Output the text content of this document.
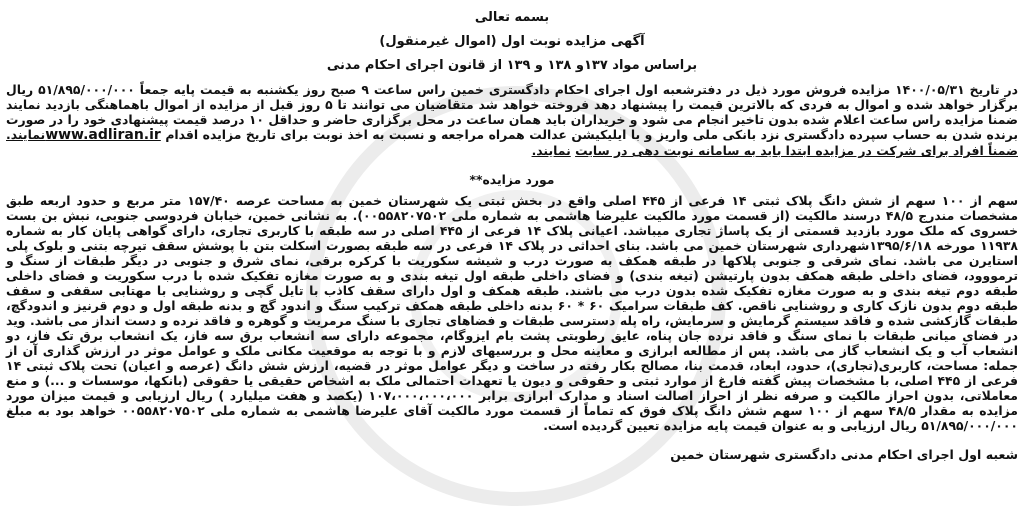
بسمه تعالی
آگهی مزایده نوبت اول (اموال غیرمنقول)
براساس مواد ۱۳۷و ۱۳۸ و ۱۳۹ از قانون اجرای احکام مدنی

در تاریخ ۱۴۰۰/۰۵/۳۱ مزایده فروش مورد ذیل در دفترشعبه اول اجرای احکام دادگستری خمین راس ساعت ۹ صبح روز یکشنبه به قیمت پایه جمعاً ۵۱/۸۹۵/۰۰۰/۰۰۰ ریال برگزار خواهد شده و اموال به فردی که بالاترین قیمت را پیشنهاد دهد فروخته خواهد شد متقاضیان می توانند تا ۵ روز قبل از مزایده از اموال باهماهنگی بازدید نمایند ضمنا مزایده راس ساعت اعلام شده بدون تاخیر انجام می شود و خریداران باید همان ساعت در محل برگزاری حاضر و حداقل ۱۰ درصد قیمت پیشنهادی خود را در صورت برنده شدن به حساب سپرده دادگستری نزد بانکی ملی واریز و با ایلیکیشن عدالت همراه مراجعه و نسبت به اخذ نوبت برای تاریخ مزایده اقدام www.adliran.irنمایند. ضمناً افراد برای شرکت در مزایده ابتدا باید به سامانه نوبت دهی در سایت نمایند.

مورد مزایده**

سهم از ۱۰۰ سهم از شش دانگ پلاک ثبتی ۱۴ فرعی از ۴۴۵ اصلی واقع در بخش ثبتی یک شهرستان خمین به مساحت عرصه ۱۵۷/۴۰ متر مربع و حدود اربعه طبق مشخصات مندرج ۴۸/۵ درسند مالکیت (از قسمت مورد مالکیت علیرضا هاشمی به شماره ملی ۰۰۵۵۸۲۰۷۵۰۲). به نشانی خمین، خیابان فردوسی جنوبی، نبش بن بست خسروی که ملک مورد بازدید قسمتی از یک پاساژ تجاری میباشد. اعیانی پلاک ۱۴ فرعی از ۴۴۵ اصلی در سه طبقه با کاربری تجاری، دارای گواهی پایان کار به شماره ۱۱۹۳۸ مورخه ۱۳۹۵/۶/۱۸شهرداری شهرستان خمین می باشد. بنای احداثی در پلاک ۱۴ فرعی در سه طبقه بصورت اسکلت بتن با پوشش سقف تیرچه بتنی و بلوک پلی استایرن می باشد. نمای شرقی و جنوبی پلاکها در طبقه همکف به صورت درب و شیشه سکوریت با کرکره برقی، نمای شرق و جنوبی در دیگر طبقات از سنگ و ترمووود، فضای داخلی طبقه همکف بدون پارتیشن (تیغه بندی) و فضای داخلی طبقه اول تیغه بندی و به صورت مغازه تفکیک شده با درب سکوریت و فضای داخلی طبقه دوم تیغه بندی و به صورت مغازه تفکیک شده بدون درب می باشند. طبقه همکف و اول دارای سقف کاذب با تایل گچی و روشنایی با مهتابی سقفی و سقف طبقه دوم بدون نازک کاری و روشنایی ناقص. کف طبقات سرامیک ۶۰ * ۶۰ بدنه داخلی طبقه همکف ترکیب سنگ و اندود گچ و بدنه طبقه اول و دوم قرنیز و اندودگچ، طبقات گازکشی شده و فاقد سیستم گرمایش و سرمایش، راه پله دسترسی طبقات و فضاهای تجاری با سنگ مرمریت و گوهره و فاقد نرده و دست انداز می باشد. وید در فضای میانی طبقات با نمای سنگ و فاقد نرده جان پناه، عایق رطوبتی پشت بام ایزوگام، مجموعه دارای سه انشعاب برق سه فاز، یک انشعاب برق تک فاز، دو انشعاب آب و یک انشعاب گاز می باشد. پس از مطالعه ابرازی و معاینه محل و بررسیهای لازم و با توجه به موقعیت مکانی ملک و عوامل موثر در ارزش گذاری آن از جمله: مساحت، کاربری(تجاری)، حدود، ابعاد، قدمت بنا، مصالح بکار رفته در ساخت و دیگر عوامل موثر در قضیه، ارزش شش دانگ (عرصه و اعیان) تحت پلاک ثبتی ۱۴ فرعی از ۴۴۵ اصلی، با مشخصات پیش گفته فارغ از موارد ثبتی و حقوقی و دیون یا تعهدات احتمالی ملک به اشخاص حقیقی یا حقوقی (بانکها، موسسات و ...) و منع معاملاتی، بدون احراز مالکیت و صرفه نظر از احراز اصالت اسناد و مدارک ابرازی برابر ۱۰۷،۰۰۰،۰۰۰،۰۰۰ (یکصد و هفت میلیارد ) ریال ارزیابی و قیمت میزان مورد مزایده به مقدار ۴۸/۵ سهم از ۱۰۰ سهم شش دانگ پلاک فوق که تماماً از قسمت مورد مالکیت آقای علیرضا هاشمی به شماره ملی ۰۰۵۵۸۲۰۷۵۰۲ خواهد بود به مبلغ ۵۱/۸۹۵/۰۰۰/۰۰۰ ریال ارزیابی و به عنوان قیمت پایه مزایده تعیین گردیده است.

شعبه اول اجرای احکام مدنی دادگستری شهرستان خمین
